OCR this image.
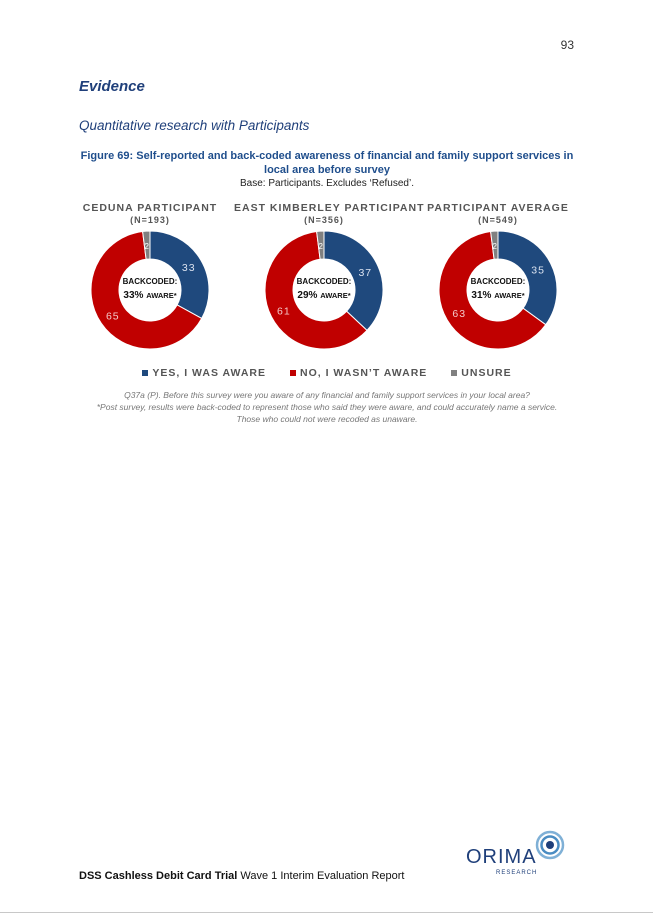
93
Evidence
Quantitative research with Participants
Figure 69: Self-reported and back-coded awareness of financial and family support services in local area before survey
Base: Participants. Excludes ‘Refused’.
CEDUNA PARTICIPANT
(N=193)
33
65
2
BACKCODED:
33% AWARE*
EAST KIMBERLEY PARTICIPANT
(N=356)
37
61
2
BACKCODED:
29% AWARE*
PARTICIPANT AVERAGE
(N=549)
35
63
2
BACKCODED:
31% AWARE*
YES, I WAS AWARE	NO, I WASN’T AWARE	UNSURE

Q37a (P). Before this survey were you aware of any financial and family support services in your local area?

*Post survey, results were back-coded to represent those who said they were aware, and could accurately name a service.

Those who could not were recoded as unaware.

ORIMA
RESEARCH
DSS Cashless Debit Card Trial Wave 1 Interim Evaluation Report
